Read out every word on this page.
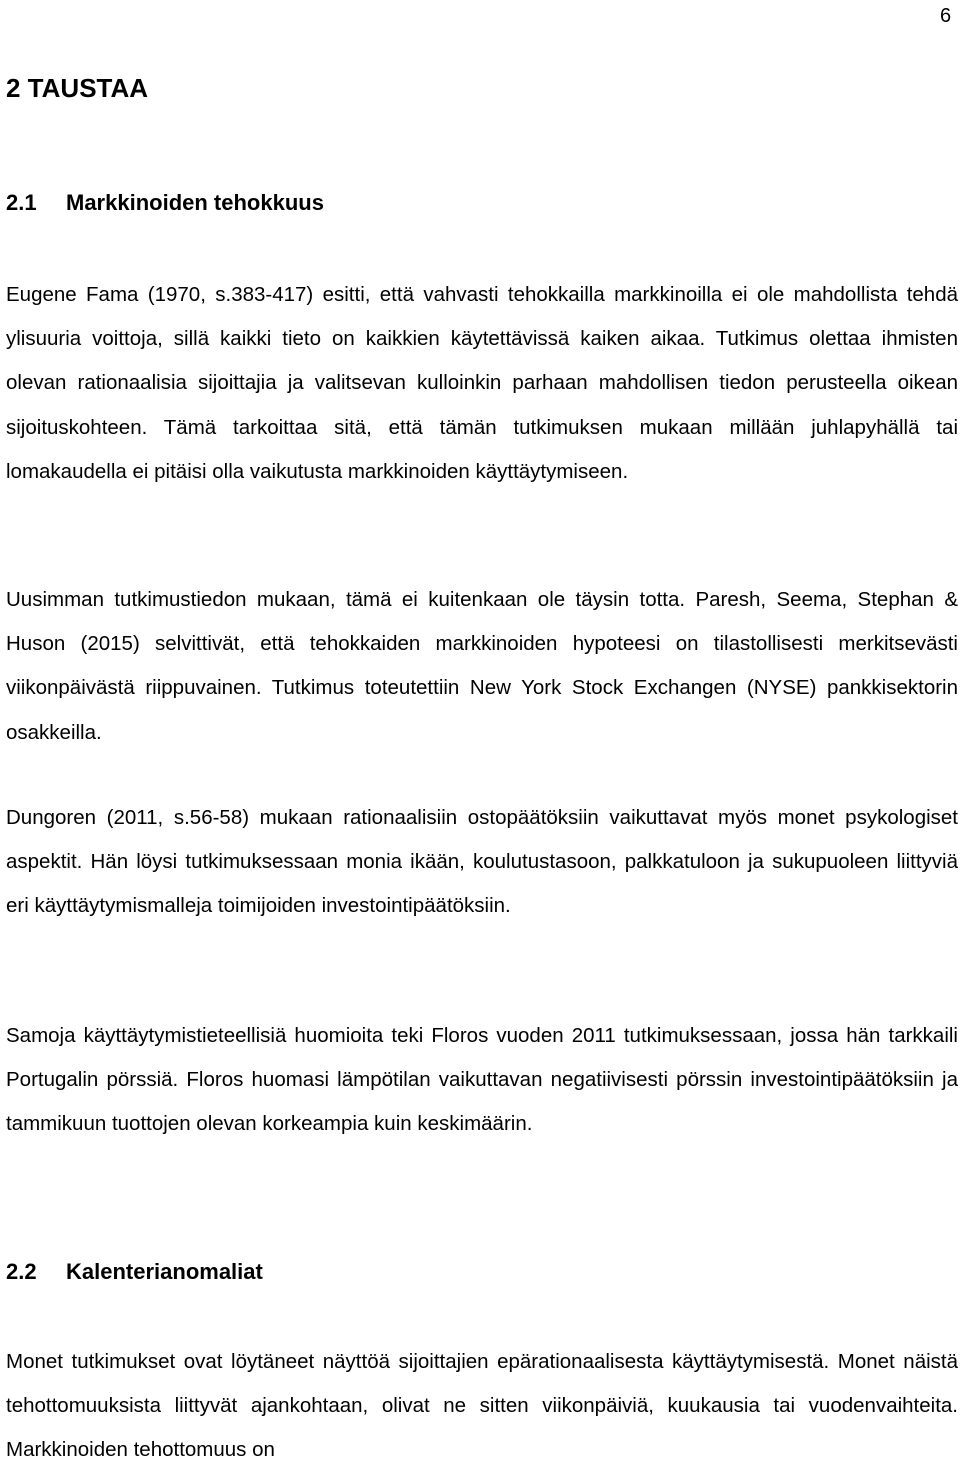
6
2 TAUSTAA
2.1 Markkinoiden tehokkuus

Eugene Fama (1970, s.383-417) esitti, että vahvasti tehokkailla markkinoilla ei ole mahdollista tehdä ylisuuria voittoja, sillä kaikki tieto on kaikkien käytettävissä kaiken aikaa. Tutkimus olettaa ihmisten olevan rationaalisia sijoittajia ja valitsevan kulloinkin parhaan mahdollisen tiedon perusteella oikean sijoituskohteen. Tämä tarkoittaa sitä, että tämän tutkimuksen mukaan millään juhlapyhällä tai lomakaudella ei pitäisi olla vaikutusta markkinoiden käyttäytymiseen.

Uusimman tutkimustiedon mukaan, tämä ei kuitenkaan ole täysin totta. Paresh, Seema, Stephan & Huson (2015) selvittivät, että tehokkaiden markkinoiden hypoteesi on tilastollisesti merkitsevästi viikonpäivästä riippuvainen. Tutkimus toteutettiin New York Stock Exchangen (NYSE) pankkisektorin osakkeilla.

Dungoren (2011, s.56-58) mukaan rationaalisiin ostopäätöksiin vaikuttavat myös monet psykologiset aspektit. Hän löysi tutkimuksessaan monia ikään, koulutustasoon, palkkatuloon ja sukupuoleen liittyviä eri käyttäytymismalleja toimijoiden investointipäätöksiin.

Samoja käyttäytymistieteellisiä huomioita teki Floros vuoden 2011 tutkimuksessaan, jossa hän tarkkaili Portugalin pörssiä. Floros huomasi lämpötilan vaikuttavan negatiivisesti pörssin investointipäätöksiin ja tammikuun tuottojen olevan korkeampia kuin keskimäärin.

2.2 Kalenterianomaliat

Monet tutkimukset ovat löytäneet näyttöä sijoittajien epärationaalisesta käyttäytymisestä. Monet näistä tehottomuuksista liittyvät ajankohtaan, olivat ne sitten viikonpäiviä, kuukausia tai vuodenvaihteita. Markkinoiden tehottomuus on
